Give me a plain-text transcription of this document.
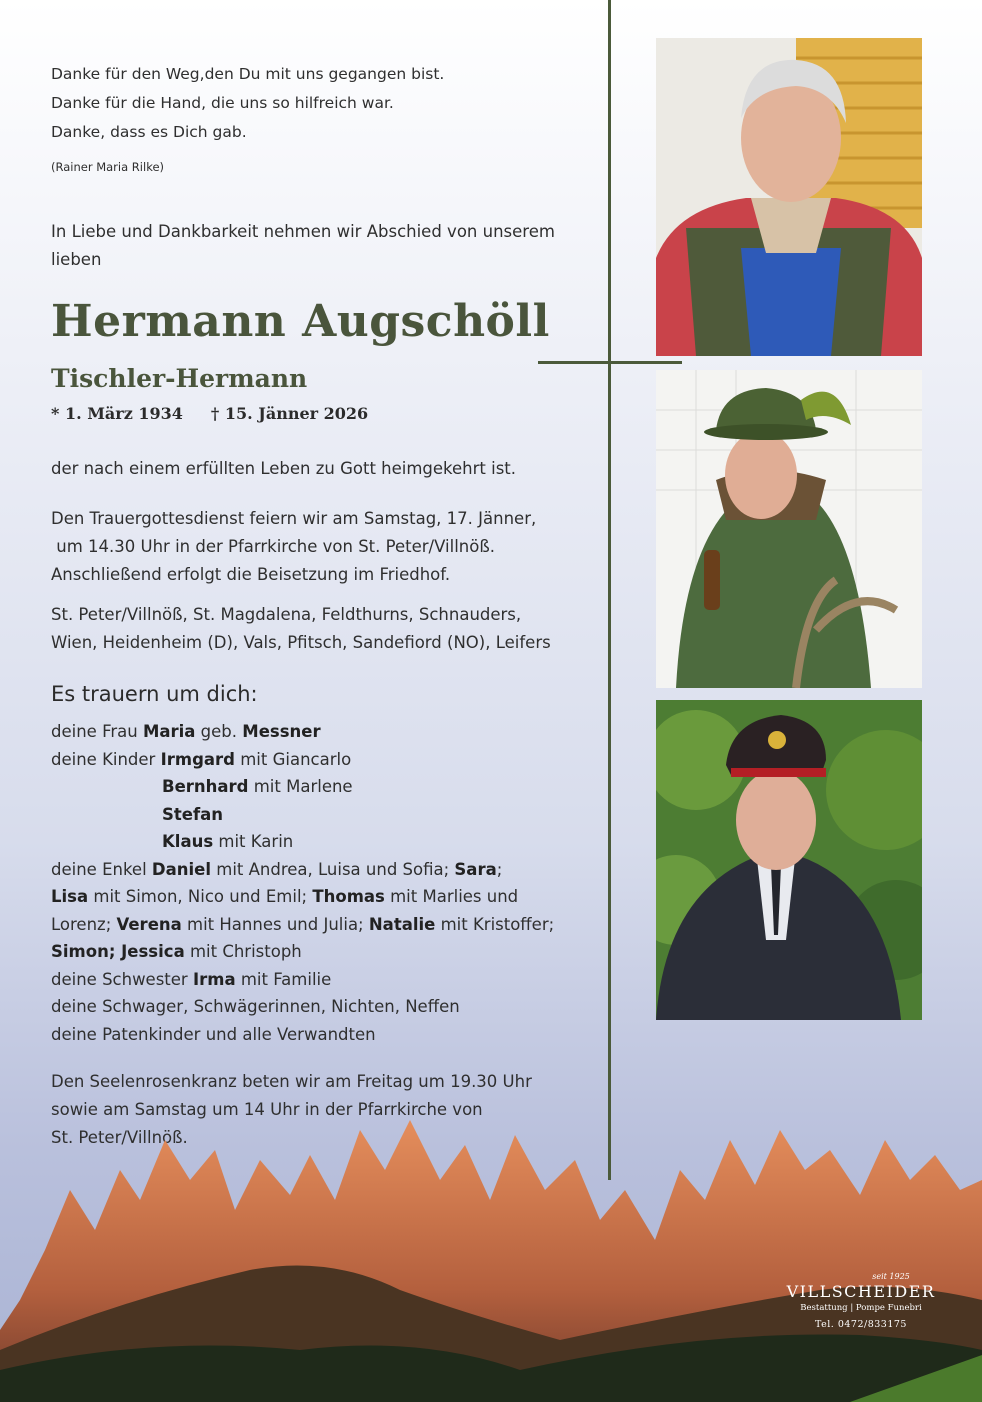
Danke für den Weg,den Du mit uns gegangen bist.

Danke für die Hand, die uns so hilfreich war.

Danke, dass es Dich gab.

(Rainer Maria Rilke)
In Liebe und Dankbarkeit nehmen wir Abschied von unserem lieben
Hermann Augschöll
Tischler-Hermann
* 1. März 1934 † 15. Jänner 2026
der nach einem erfüllten Leben zu Gott heimgekehrt ist.

Den Trauergottesdienst feiern wir am Samstag, 17. Jänner,

um 14.30 Uhr in der Pfarrkirche von St. Peter/Villnöß.

Anschließend erfolgt die Beisetzung im Friedhof.

St. Peter/Villnöß, St. Magdalena, Feldthurns, Schnauders,

Wien, Heidenheim (D), Vals, Pfitsch, Sandefiord (NO), Leifers

Es trauern um dich:
deine Frau Maria geb. Messner
deine Kinder Irmgard mit Giancarlo
Bernhard mit Marlene
Stefan
Klaus mit Karin
deine Enkel Daniel mit Andrea, Luisa und Sofia; Sara;
Lisa mit Simon, Nico und Emil; Thomas mit Marlies und
Lorenz; Verena mit Hannes und Julia; Natalie mit Kristoffer;
Simon; Jessica mit Christoph
deine Schwester Irma mit Familie
deine Schwager, Schwägerinnen, Nichten, Neffen
deine Patenkinder und alle Verwandten

Den Seelenrosenkranz beten wir am Freitag um 19.30 Uhr

sowie am Samstag um 14 Uhr in der Pfarrkirche von

St. Peter/Villnöß.

seit 1925
VILLSCHEIDER
Bestattung | Pompe Funebri
Tel. 0472/833175
